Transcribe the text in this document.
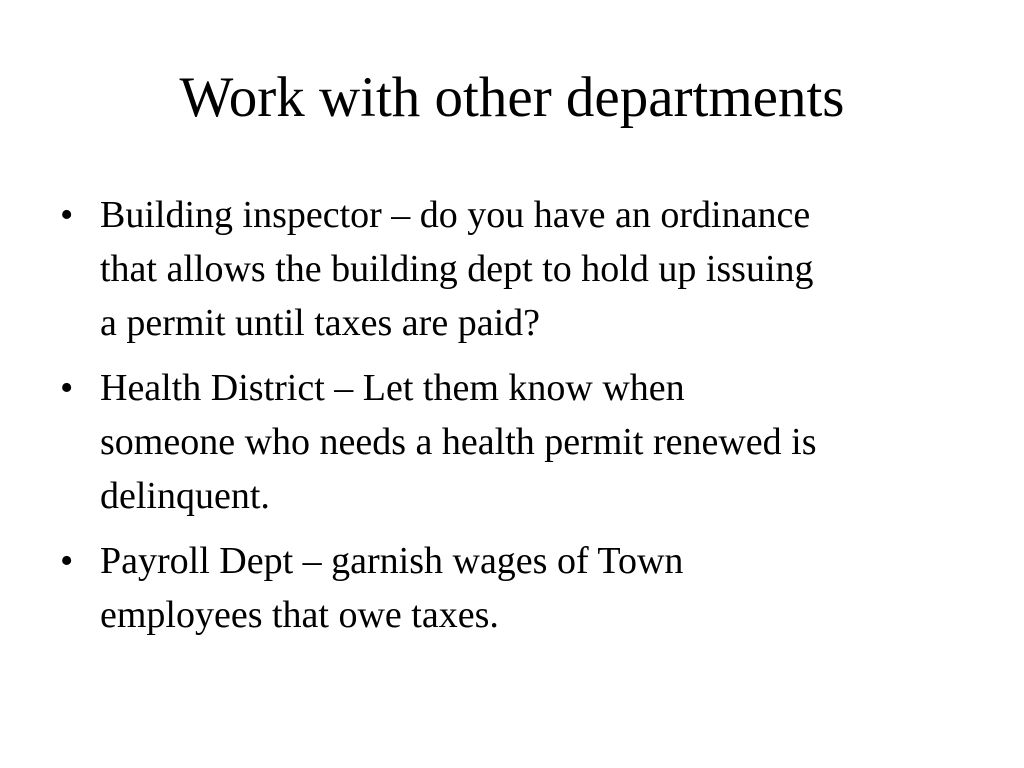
Work with other departments
• Building inspector – do you have an ordinance
that allows the building dept to hold up issuing
a permit until taxes are paid?
• Health District – Let them know when
someone who needs a health permit renewed is
delinquent.
• Payroll Dept – garnish wages of Town
employees that owe taxes.
